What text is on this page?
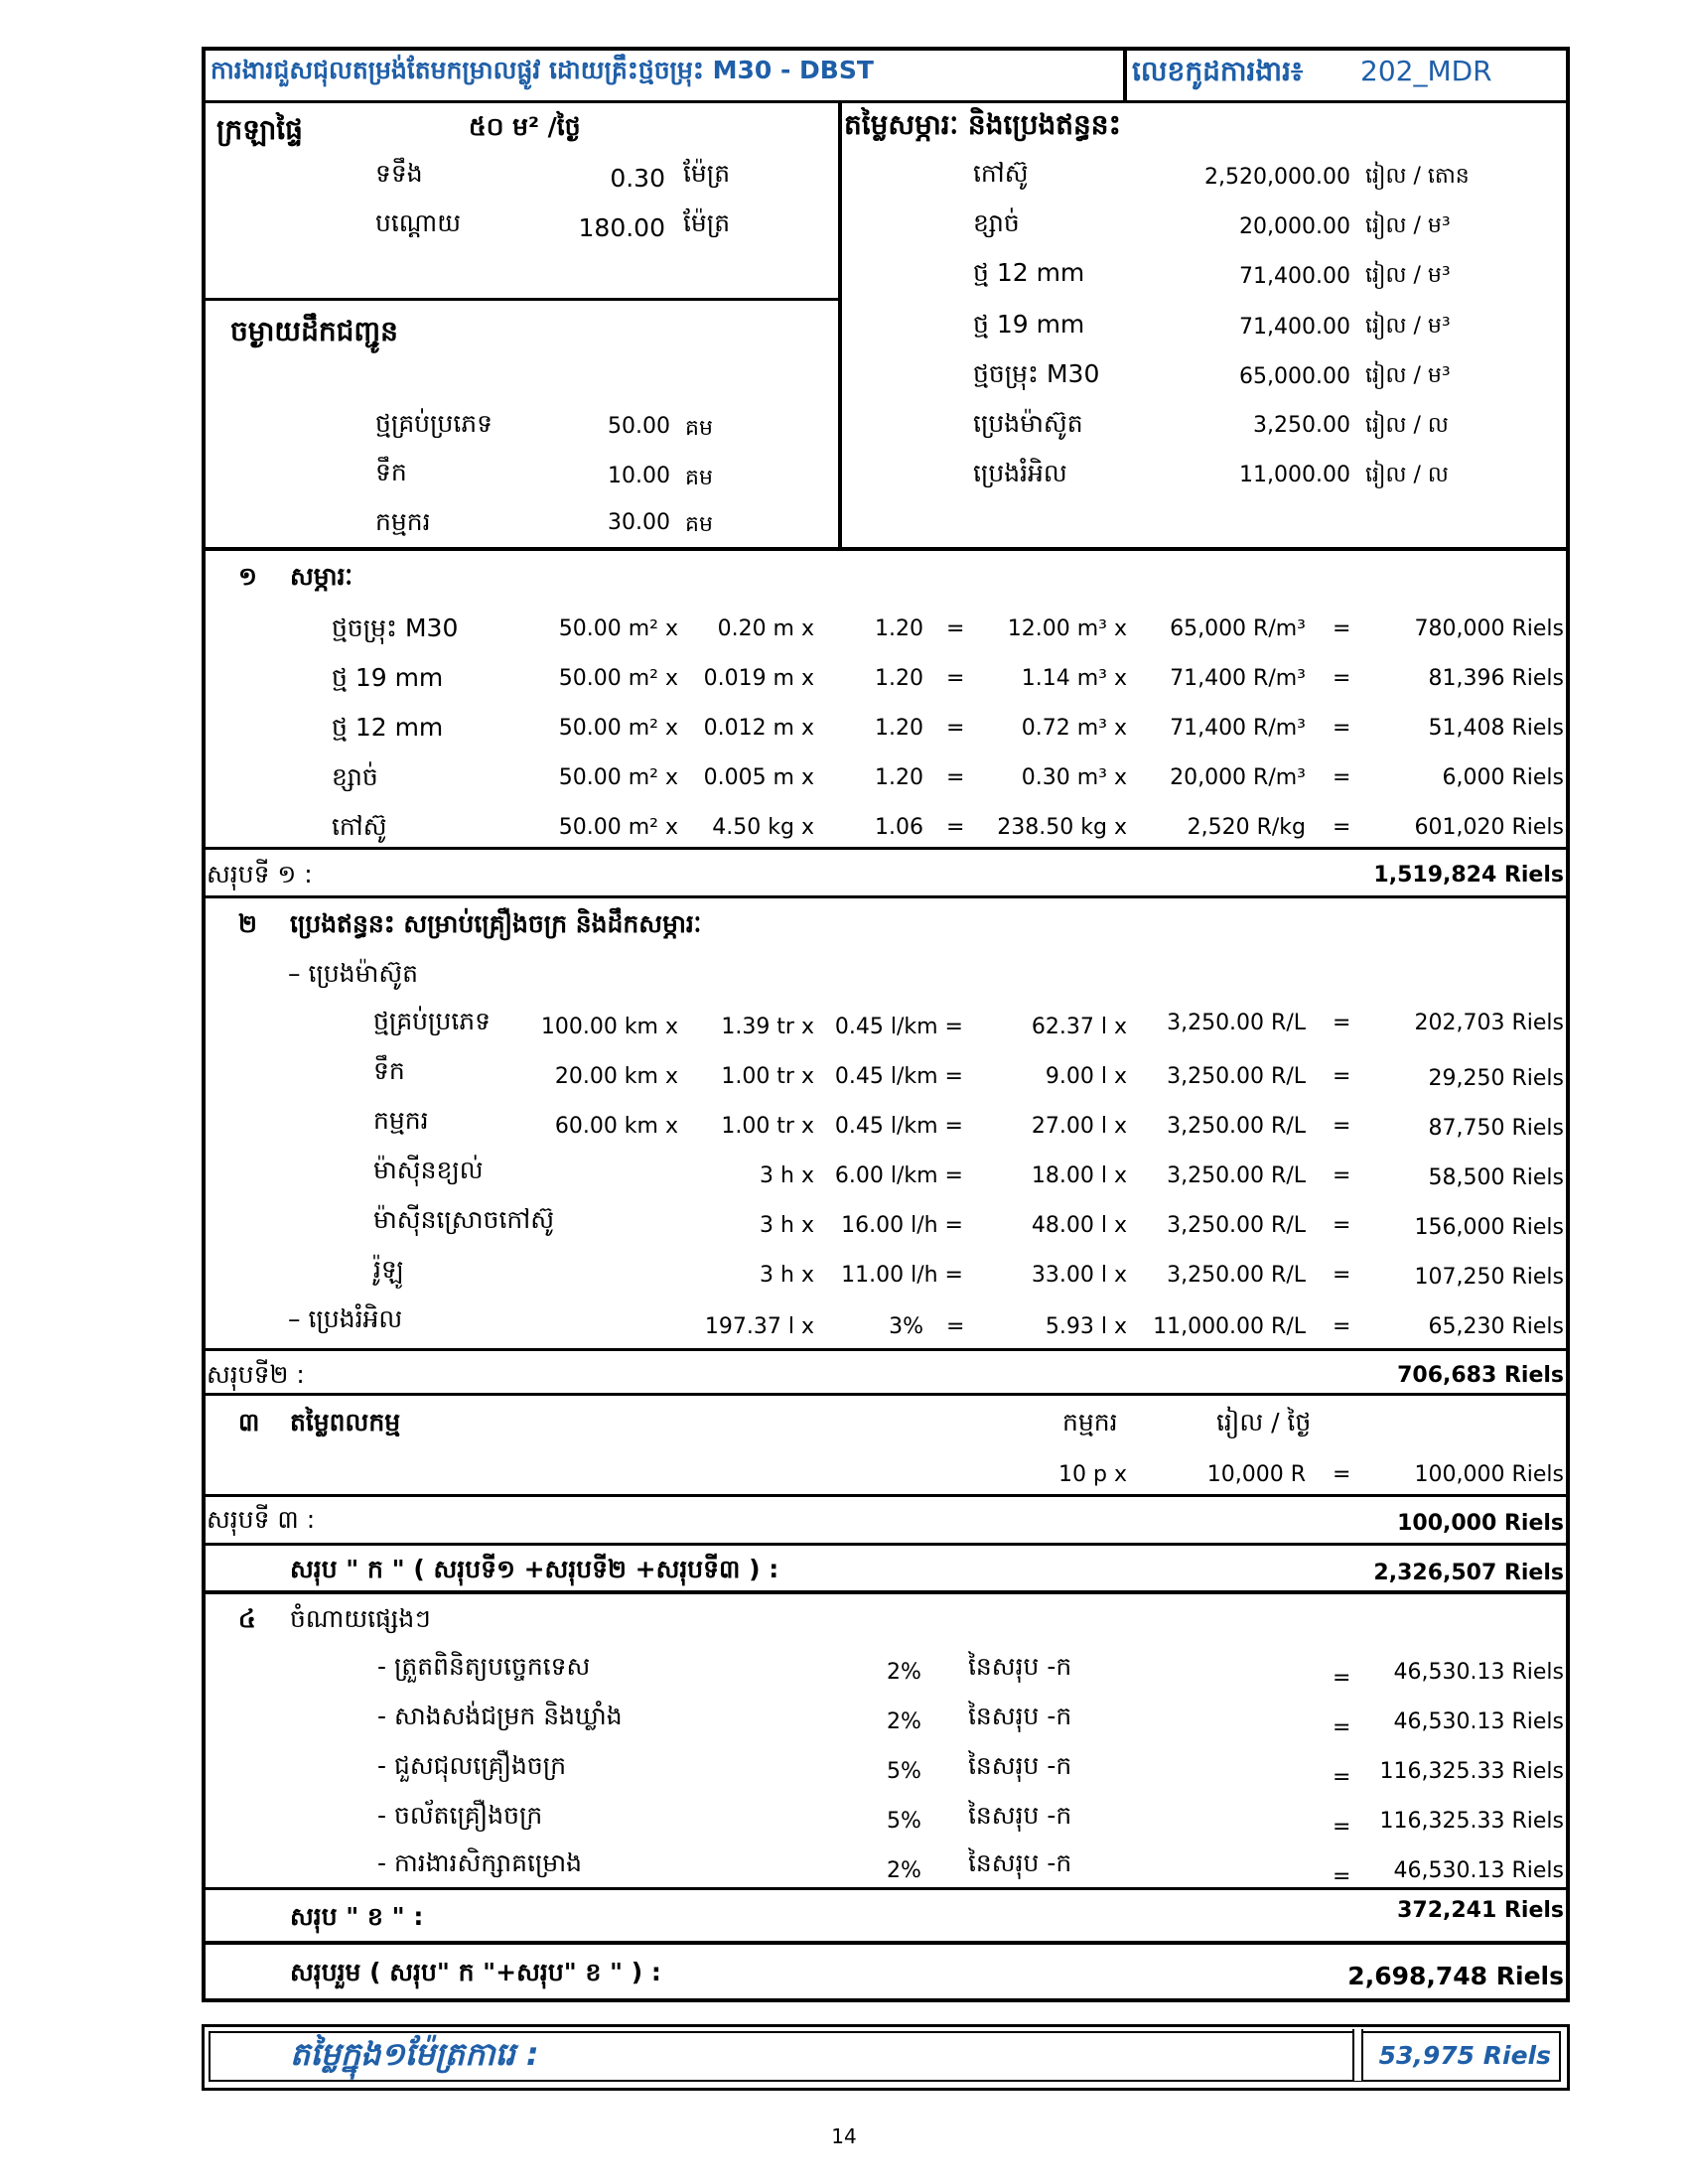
ការងារជួសជុលតម្រង់តែមកម្រាលផ្លូវ ដោយគ្រឹះថ្មចម្រុះ M30 - DBST	លេខកូដការងារ៖ 202_MDR
ក្រឡាផ្ទៃ	៥០ ម² /ថ្ងៃ
ទទឹង	0.30 ម៉ែត្រ
បណ្ដោយ	180.00 ម៉ែត្រ
ចម្ងាយដឹកជញ្ជូន
ថ្មគ្រប់ប្រភេទ	50.00 គម
ទឹក	10.00 គម
កម្មករ	30.00 គម
តម្លៃសម្ភារៈ និងប្រេងឥន្ធនះ
កៅស៊ូ	2,520,000.00 រៀល / តោន
ខ្សាច់	20,000.00 រៀល / ម³
ថ្ម 12 mm	71,400.00 រៀល / ម³
ថ្ម 19 mm	71,400.00 រៀល / ម³
ថ្មចម្រុះ M30	65,000.00 រៀល / ម³
ប្រេងម៉ាស៊ូត	3,250.00 រៀល / ល
ប្រេងរំអិល	11,000.00 រៀល / ល
១ សម្ភារៈ
ថ្មចម្រុះ M30	50.00 m² x	0.20 m x	1.20 =	12.00 m³ x	65,000 R/m³ =	780,000 Riels
ថ្ម 19 mm	50.00 m² x	0.019 m x	1.20 =	1.14 m³ x	71,400 R/m³ =	81,396 Riels
ថ្ម 12 mm	50.00 m² x	0.012 m x	1.20 =	0.72 m³ x	71,400 R/m³ =	51,408 Riels
ខ្សាច់	50.00 m² x	0.005 m x	1.20 =	0.30 m³ x	20,000 R/m³ =	6,000 Riels
កៅស៊ូ	50.00 m² x	4.50 kg x	1.06 =	238.50 kg x	2,520 R/kg =	601,020 Riels
សរុបទី ១ :	1,519,824 Riels
២ ប្រេងឥន្ធនះ សម្រាប់គ្រឿងចក្រ និងដឹកសម្ភារៈ
– ប្រេងម៉ាស៊ូត
ថ្មគ្រប់ប្រភេទ	100.00 km x	1.39 tr x 0.45 l/km =	62.37 l x	3,250.00 R/L =	202,703 Riels
ទឹក	20.00 km x	1.00 tr x 0.45 l/km =	9.00 l x	3,250.00 R/L =	29,250 Riels
កម្មករ	60.00 km x	1.00 tr x 0.45 l/km =	27.00 l x	3,250.00 R/L =	87,750 Riels
ម៉ាស៊ីនខ្យល់	3 h x 6.00 l/km =	18.00 l x	3,250.00 R/L =	58,500 Riels
ម៉ាស៊ីនស្រោចកៅស៊ូ	3 h x	16.00 l/h =	48.00 l x	3,250.00 R/L =	156,000 Riels
រ៉ូឡូ	3 h x	11.00 l/h =	33.00 l x	3,250.00 R/L =	107,250 Riels
– ប្រេងរំអិល	197.37 l x	3% =	5.93 l x	11,000.00 R/L =	65,230 Riels
សរុបទី២ :	706,683 Riels
៣ តម្លៃពលកម្ម	កម្មករ	រៀល / ថ្ងៃ
10 p x	10,000 R =	100,000 Riels
សរុបទី ៣ :	100,000 Riels
សរុប " ក " ( សរុបទី១ +សរុបទី២ +សរុបទី៣ ) :	2,326,507 Riels
៤ ចំណាយផ្សេងៗ
- ត្រួតពិនិត្យបច្ចេកទេស	2% នៃសរុប -ក	=	46,530.13 Riels
- សាងសង់ជម្រក និងឃ្លាំង	2% នៃសរុប -ក	=	46,530.13 Riels
- ជួសជុលគ្រឿងចក្រ	5% នៃសរុប -ក	=	116,325.33 Riels
- ចល័តគ្រឿងចក្រ	5% នៃសរុប -ក	=	116,325.33 Riels
- ការងារសិក្សាគម្រោង	2% នៃសរុប -ក	=	46,530.13 Riels
សរុប " ខ " :	372,241 Riels
សរុបរួម ( សរុប" ក "+សរុប" ខ " ) :	2,698,748 Riels
តម្លៃក្នុង១ម៉ែត្រការេ :	53,975 Riels
14
